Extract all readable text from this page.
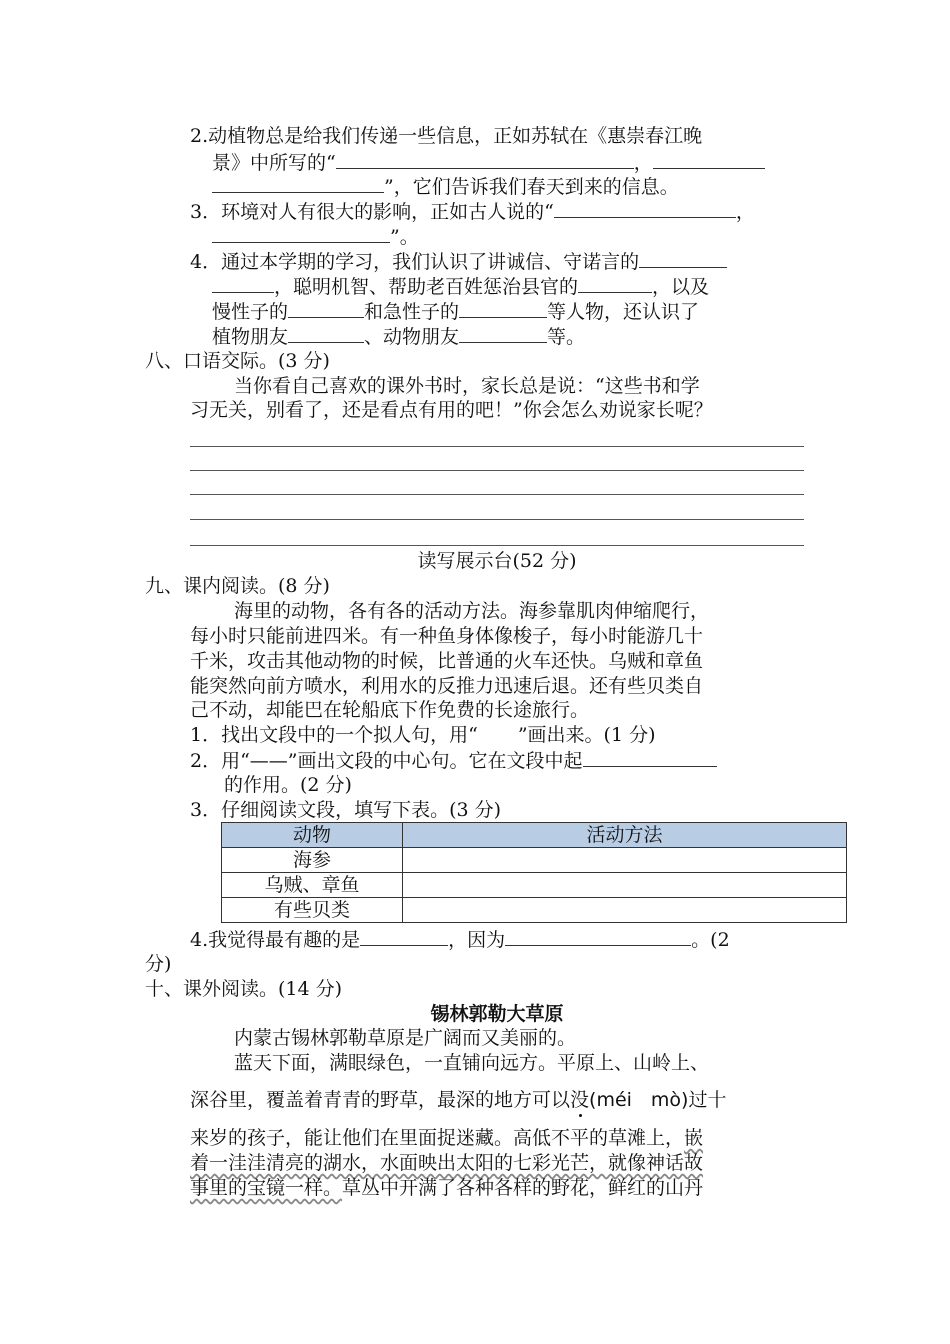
2.动植物总是给我们传递一些信息，正如苏轼在《惠崇春江晚
景》中所写的“	，
”，它们告诉我们春天到来的信息。
3．环境对人有很大的影响，正如古人说的“	，
”。
4．通过本学期的学习，我们认识了讲诚信、守诺言的
，聪明机智、帮助老百姓惩治县官的	，以及
慢性子的	和急性子的	等人物，还认识了
植物朋友	、动物朋友	等。
八、口语交际。(3 分)
当你看自己喜欢的课外书时，家长总是说：“这些书和学
习无关，别看了，还是看点有用的吧！”你会怎么劝说家长呢？
读写展示台(52 分)
九、课内阅读。(8 分)
海里的动物，各有各的活动方法。海参靠肌肉伸缩爬行，
每小时只能前进四米。有一种鱼身体像梭子，每小时能游几十
千米，攻击其他动物的时候，比普通的火车还快。乌贼和章鱼
能突然向前方喷水，利用水的反推力迅速后退。还有些贝类自
己不动，却能巴在轮船底下作免费的长途旅行。
1．找出文段中的一个拟人句，用“ ”画出来。(1 分)
2．用“——”画出文段的中心句。它在文段中起
的作用。(2 分)
3．仔细阅读文段，填写下表。(3 分)
动物	活动方法
海参	
乌贼、章鱼	
有些贝类	
4.我觉得最有趣的是	，因为	。(2
分)
十、课外阅读。(14 分)
锡林郭勒大草原
内蒙古锡林郭勒草原是广阔而又美丽的。
蓝天下面，满眼绿色，一直铺向远方。平原上、山岭上、
深谷里，覆盖着青青的野草，最深的地方可以没(méi　mò)过十
来岁的孩子，能让他们在里面捉迷藏。高低不平的草滩上，嵌
着一洼洼清亮的湖水，水面映出太阳的七彩光芒，就像神话故
事里的宝镜一样。草丛中开满了各种各样的野花，鲜红的山丹
